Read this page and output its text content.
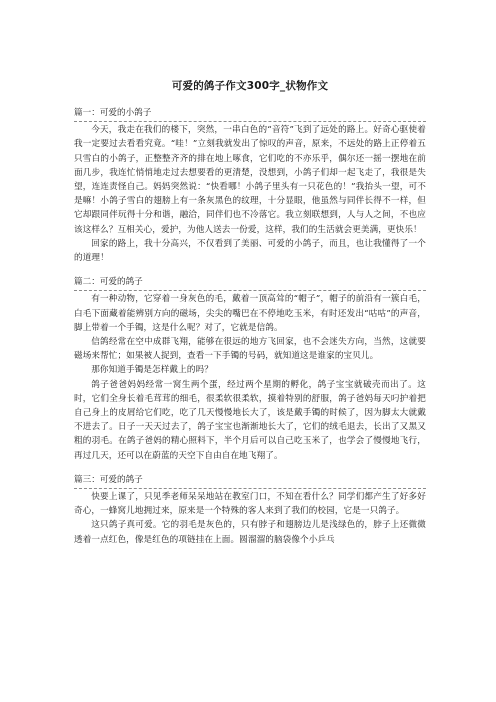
可爱的鸽子作文300字_状物作文
篇一：可爱的小鸽子

今天，我走在我们的楼下，突然，一串白色的“音符”飞到了远处的路上。好奇心驱使着我一定要过去看看究竟。“哇！”立刻我就发出了惊叹的声音，原来，不远处的路上正停着五只雪白的小鸽子，正整整齐齐的排在地上啄食，它们吃的不亦乐乎，偶尔还一摇一摆地在前面几步，我连忙悄悄地走过去想要看的更清楚，没想到，小鸽子们却一起飞走了，我很是失望，连连责怪自己。妈妈突然说：“快看哪！小鸽子里头有一只花色的！”我抬头一望，可不是嘛！小鸽子雪白的翅膀上有一条灰黑色的纹理，十分显眼，他虽然与同伴长得不一样，但它却跟同伴玩得十分和谐，融洽，同伴们也不冷落它。我立刻联想到，人与人之间，不也应该这样么？互相关心，爱护，为他人送去一份爱，这样，我们的生活就会更美满，更快乐！

回家的路上，我十分高兴，不仅看到了美丽、可爱的小鸽子，而且，也让我懂得了一个的道理！

篇二：可爱的鸽子

有一种动物，它穿着一身灰色的毛，戴着一顶高耸的“帽子”，帽子的前沿有一簇白毛，白毛下面藏着能辨别方向的磁场，尖尖的嘴巴在不停地吃玉米，有时还发出“咕咕”的声音，脚上带着一个手镯，这是什么呢？对了，它就是信鸽。

信鸽经常在空中成群飞翔，能够在很远的地方飞回家，也不会迷失方向，当然，这就要磁场来帮忙；如果被人捉到，查看一下手镯的号码，就知道这是谁家的宝贝儿。

那你知道手镯是怎样戴上的吗？

鸽子爸爸妈妈经常一窝生两个蛋，经过两个星期的孵化，鸽子宝宝就破壳而出了。这时，它们全身长着毛茸茸的细毛，很柔软很柔软，摸着特别的舒服，鸽子爸妈每天叼护着把自己身上的皮屑给它们吃，吃了几天慢慢地长大了，该是戴手镯的时候了，因为脚太大就戴不进去了。日子一天天过去了，鸽子宝宝也渐渐地长大了，它们的绒毛退去，长出了又黑又粗的羽毛。在鸽子爸妈的精心照料下，半个月后可以自己吃玉米了，也学会了慢慢地飞行，再过几天，还可以在蔚蓝的天空下自由自在地飞翔了。

篇三：可爱的鸽子

快要上课了，只见季老师呆呆地站在教室门口，不知在看什么？同学们都产生了好多好奇心，一蜂窝儿地拥过来，原来是一个特殊的客人来到了我们的校园，它是一只鸽子。

这只鸽子真可爱。它的羽毛是灰色的，只有脖子和翅膀边儿是浅绿色的，脖子上还微微透着一点红色，像是红色的项链挂在上面。圆溜溜的脑袋像个小乒乓
